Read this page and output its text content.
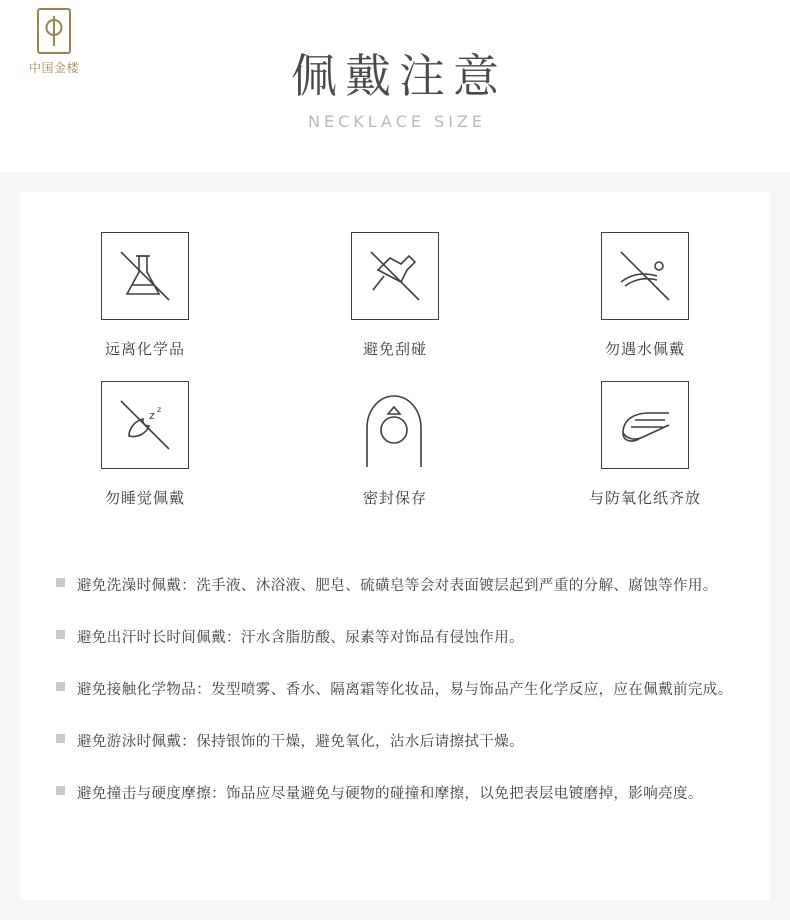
中国金楼	佩戴注意
NECKLACE SIZE
远离化学品	避免刮碰	勿遇水佩戴
z z
勿睡觉佩戴	密封保存	与防氧化纸齐放
避免洗澡时佩戴：洗手液、沐浴液、肥皂、硫磺皂等会对表面镀层起到严重的分解、腐蚀等作用。
避免出汗时长时间佩戴：汗水含脂肪酸、尿素等对饰品有侵蚀作用。
避免接触化学物品：发型喷雾、香水、隔离霜等化妆品，易与饰品产生化学反应，应在佩戴前完成。
避免游泳时佩戴：保持银饰的干燥，避免氧化，沾水后请擦拭干燥。
避免撞击与硬度摩擦：饰品应尽量避免与硬物的碰撞和摩擦，以免把表层电镀磨掉，影响亮度。
